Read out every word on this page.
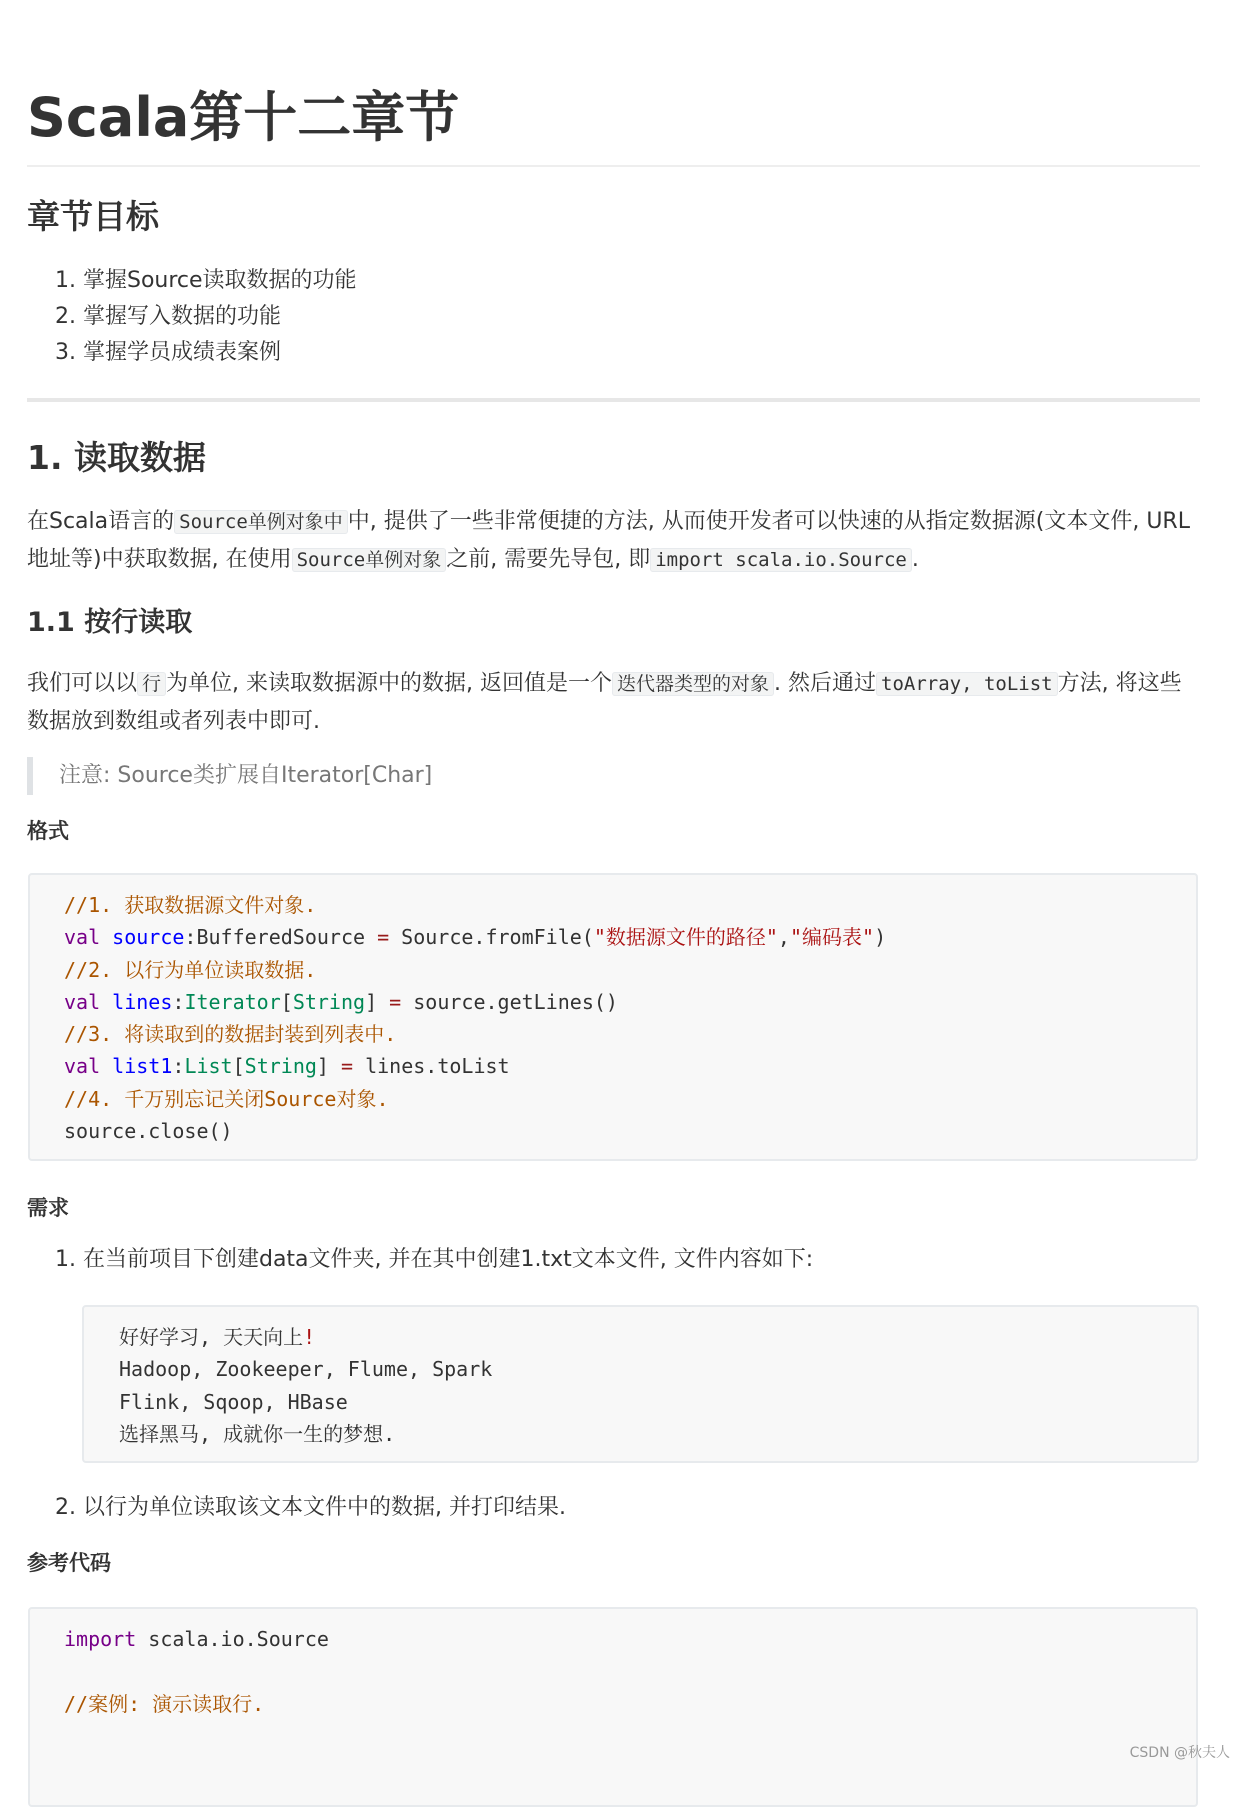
Scala第十二章节
章节目标
1. 掌握Source读取数据的功能
2. 掌握写入数据的功能
3. 掌握学员成绩表案例
1. 读取数据
在Scala语言的 Source单例对象中 中, 提供了一些非常便捷的方法, 从而使开发者可以快速的从指定数据源(文本文件, URL地址等)中获取数据, 在使用 Source单例对象 之前, 需要先导包, 即 import scala.io.Source .
1.1 按行读取
我们可以以 行 为单位, 来读取数据源中的数据, 返回值是一个 迭代器类型的对象 . 然后通过 toArray, toList 方法, 将这些数据放到数组或者列表中即可.
注意: Source类扩展自Iterator[Char]
格式
//1. 获取数据源文件对象.
val source:BufferedSource = Source.fromFile("数据源文件的路径","编码表")
//2. 以行为单位读取数据.
val lines:Iterator[String] = source.getLines()
//3. 将读取到的数据封装到列表中.
val list1:List[String] = lines.toList
//4. 千万别忘记关闭Source对象.
source.close()
需求
1. 在当前项目下创建data文件夹, 并在其中创建1.txt文本文件, 文件内容如下:
好好学习, 天天向上!
Hadoop, Zookeeper, Flume, Spark
Flink, Sqoop, HBase
选择黑马, 成就你一生的梦想.
2. 以行为单位读取该文本文件中的数据, 并打印结果.
参考代码
import scala.io.Source

//案例: 演示读取行.
CSDN @秋夫人
